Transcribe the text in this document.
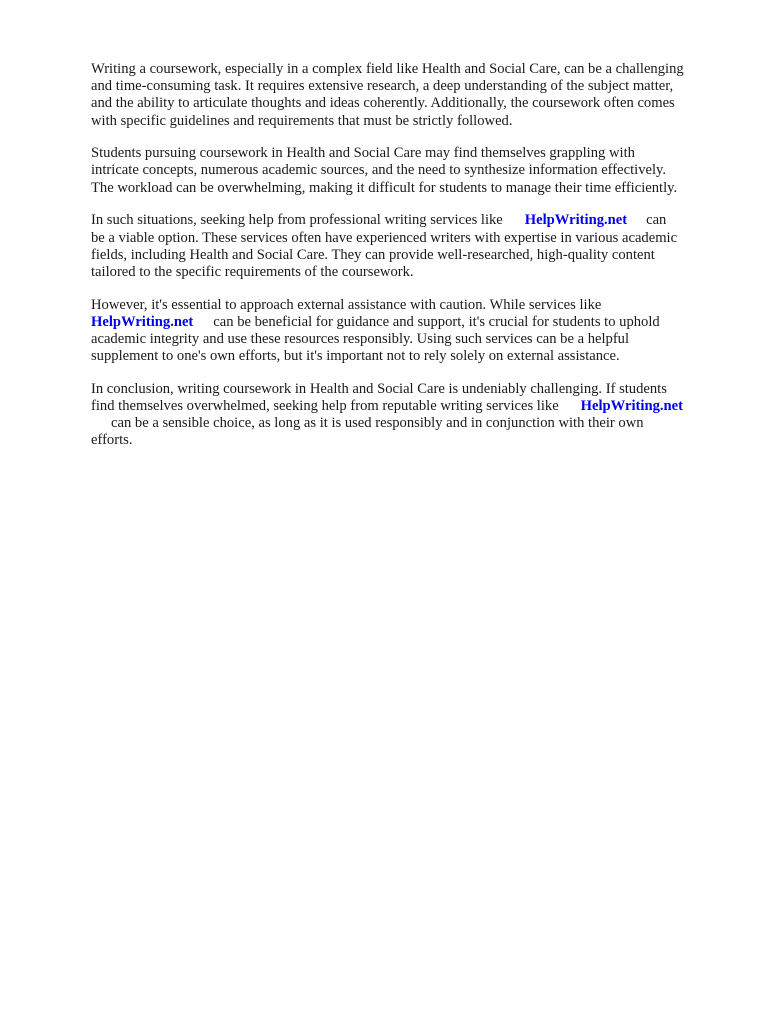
Writing a coursework, especially in a complex field like Health and Social Care, can be a challenging
and time-consuming task. It requires extensive research, a deep understanding of the subject matter,
and the ability to articulate thoughts and ideas coherently. Additionally, the coursework often comes
with specific guidelines and requirements that must be strictly followed.

Students pursuing coursework in Health and Social Care may find themselves grappling with
intricate concepts, numerous academic sources, and the need to synthesize information effectively.
The workload can be overwhelming, making it difficult for students to manage their time efficiently.

In such situations, seeking help from professional writing services like HelpWriting.net can
be a viable option. These services often have experienced writers with expertise in various academic
fields, including Health and Social Care. They can provide well-researched, high-quality content
tailored to the specific requirements of the coursework.

However, it's essential to approach external assistance with caution. While services like
HelpWriting.net can be beneficial for guidance and support, it's crucial for students to uphold
academic integrity and use these resources responsibly. Using such services can be a helpful
supplement to one's own efforts, but it's important not to rely solely on external assistance.

In conclusion, writing coursework in Health and Social Care is undeniably challenging. If students
find themselves overwhelmed, seeking help from reputable writing services like HelpWriting.net
can be a sensible choice, as long as it is used responsibly and in conjunction with their own
efforts.
